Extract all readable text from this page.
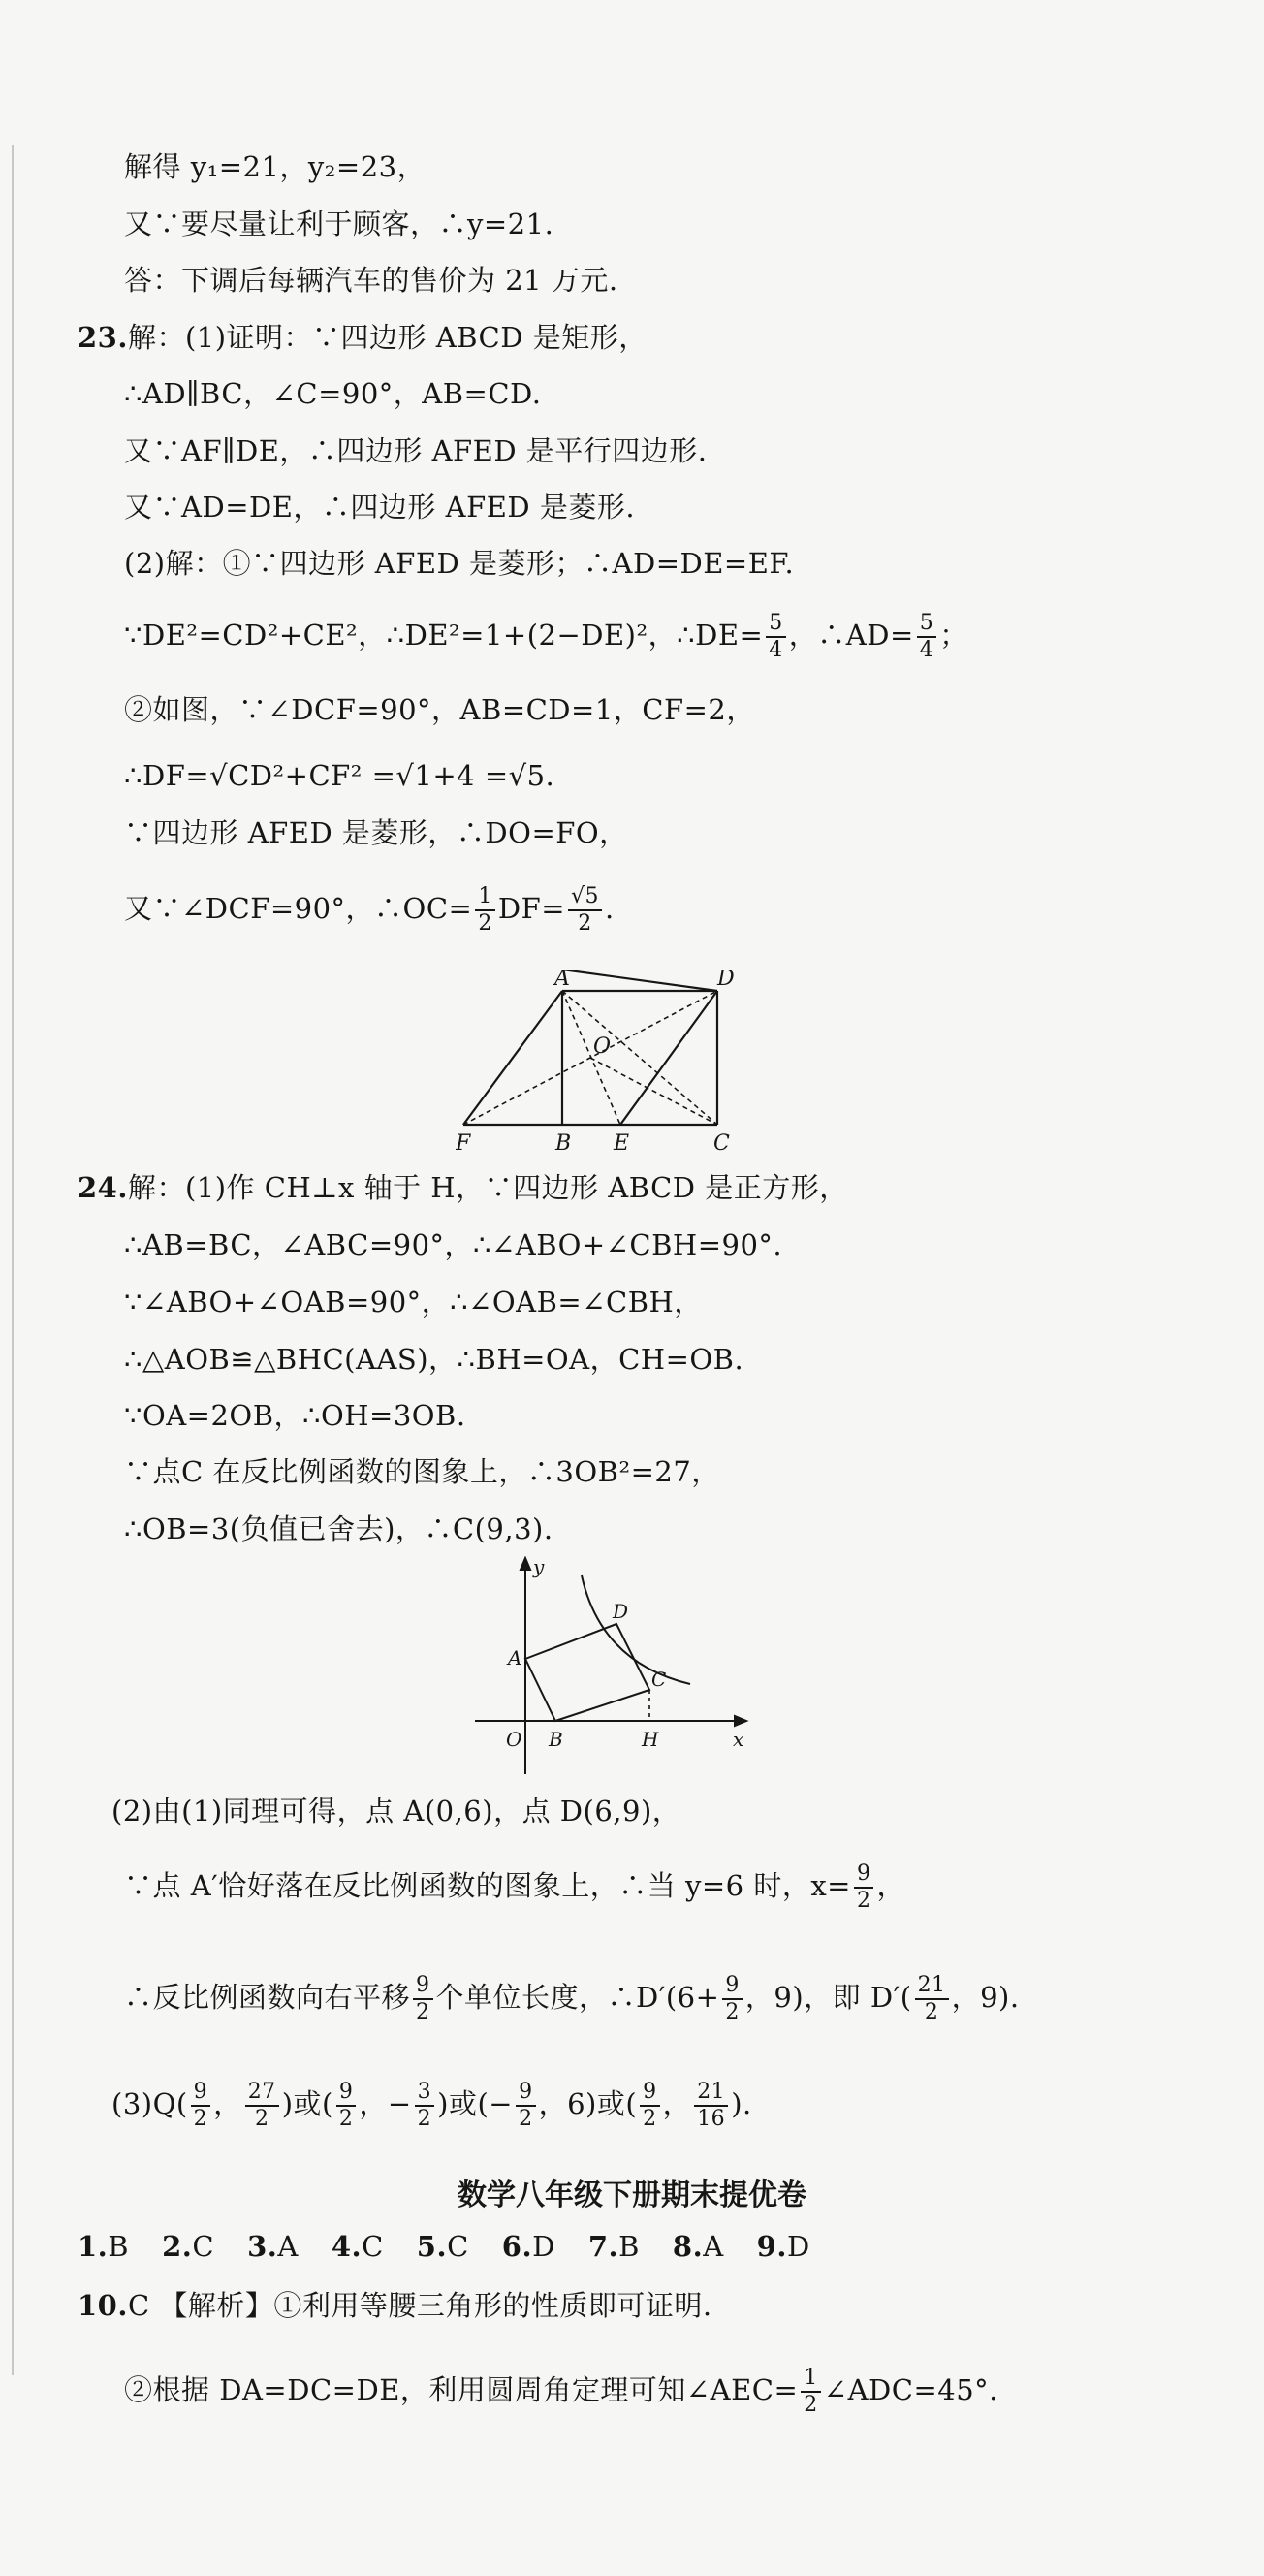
解得 y₁=21，y₂=23，
又∵要尽量让利于顾客，∴y=21.
答：下调后每辆汽车的售价为 21 万元.
23.解：(1)证明：∵四边形 ABCD 是矩形，
∴AD∥BC，∠C=90°，AB=CD.
又∵AF∥DE，∴四边形 AFED 是平行四边形.
又∵AD=DE，∴四边形 AFED 是菱形.
(2)解：①∵四边形 AFED 是菱形；∴AD=DE=EF.
∵DE²=CD²+CE²，∴DE²=1+(2−DE)²，∴DE= $\frac{5}{4}$ ，∴AD= $\frac{5}{4}$ ；
②如图，∵∠DCF=90°，AB=CD=1，CF=2，
∴DF=√CD²+CF² =√1+4 =√5.
∵四边形 AFED 是菱形，∴DO=FO，
又∵∠DCF=90°，∴OC= $\frac{1}{2} DF= \frac{√5}{2}$ .
A	D
O
F	B E	C
24.解：(1)作 CH⊥x 轴于 H，∵四边形 ABCD 是正方形，
∴AB=BC，∠ABC=90°，∴∠ABO+∠CBH=90°.
∵∠ABO+∠OAB=90°，∴∠OAB=∠CBH，
∴△AOB≌△BHC(AAS)，∴BH=OA，CH=OB.
∵OA=2OB，∴OH=3OB.
∵点C 在反比例函数的图象上，∴3OB²=27，
∴OB=3(负值已舍去)，∴C(9,3).
y
D
A
C
O B	H	x
(2)由(1)同理可得，点 A(0,6)，点 D(6,9)，
∵点 A′恰好落在反比例函数的图象上，∴当 y=6 时，$x= \frac{9}{2}$ ，
∴反比例函数向右平移 $\frac{9}{2}$ 个单位长度，∴D′(6+ $\frac{9}{2}$ ，9)，即 $D'( \frac{21}{2}$ ，9).
$(3)Q( \frac{9}{2}$ ， $\frac{27}{2}$ )或( $\frac{9}{2}$ ，− $\frac{3}{2}$ )或(− $\frac{9}{2}$ ，6)或( $\frac{9}{2}$ ， $\frac{21}{16}$ ).
数学八年级下册期末提优卷
1.B 2.C 3.A 4.C 5.C 6.D 7.B 8.A 9.D
10.C 【解析】①利用等腰三角形的性质即可证明.
②根据 DA=DC=DE，利用圆周角定理可知∠AEC= $\frac{1}{2}$ ∠ADC=45°.
